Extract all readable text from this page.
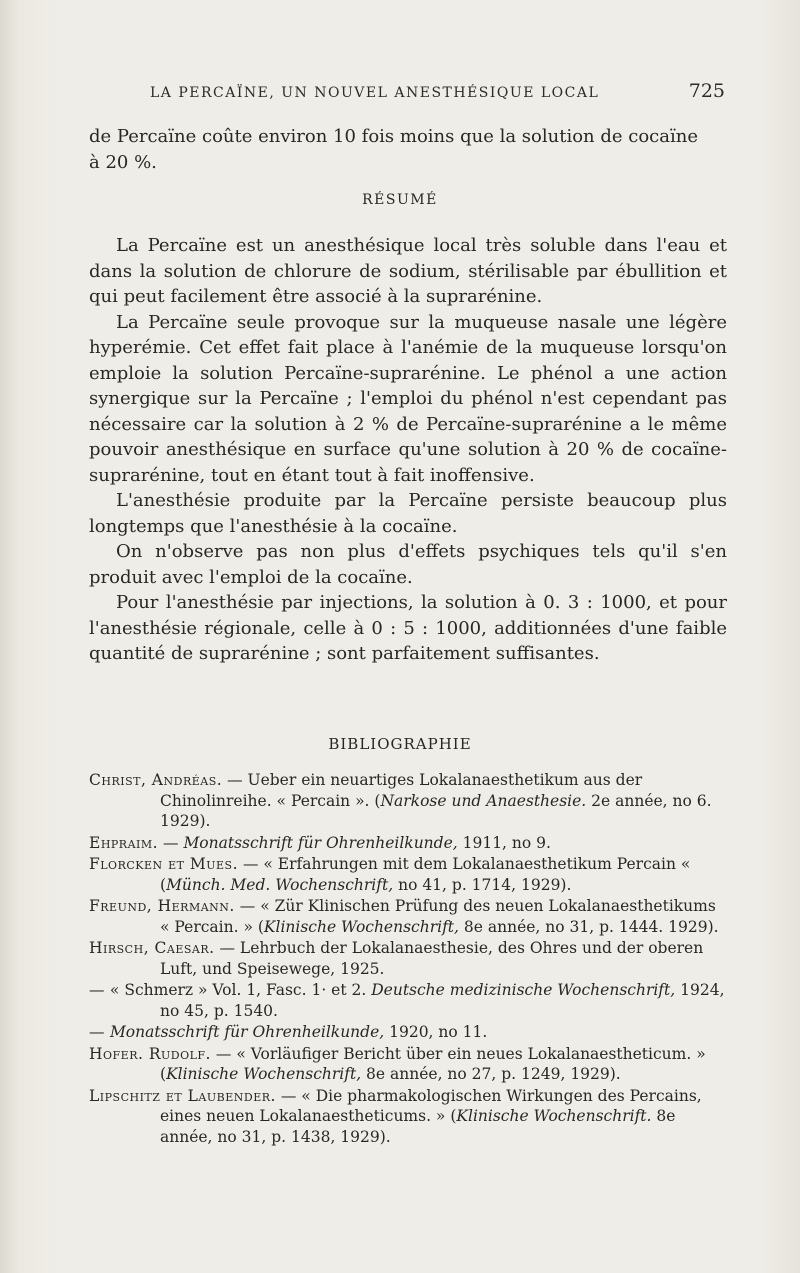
LA PERCAÏNE, UN NOUVEL ANESTHÉSIQUE LOCAL	725

de Percaïne coûte environ 10 fois moins que la solution de cocaïne

à 20 %.

RÉSUMÉ

La Percaïne est un anesthésique local très soluble dans l'eau et dans la solution de chlorure de sodium, stérilisable par ébullition et qui peut facilement être associé à la suprarénine.

La Percaïne seule provoque sur la muqueuse nasale une légère hyperémie. Cet effet fait place à l'anémie de la muqueuse lorsqu'on emploie la solution Percaïne-suprarénine. Le phénol a une action synergique sur la Percaïne ; l'emploi du phénol n'est cependant pas nécessaire car la solution à 2 % de Percaïne-suprarénine a le même pouvoir anesthésique en surface qu'une solution à 20 % de cocaïne-suprarénine, tout en étant tout à fait inoffensive.

L'anesthésie produite par la Percaïne persiste beaucoup plus longtemps que l'anesthésie à la cocaïne.

On n'observe pas non plus d'effets psychiques tels qu'il s'en produit avec l'emploi de la cocaïne.

Pour l'anesthésie par injections, la solution à 0. 3 : 1000, et pour l'anesthésie régionale, celle à 0 : 5 : 1000, additionnées d'une faible quantité de suprarénine ; sont parfaitement suffisantes.

BIBLIOGRAPHIE

Christ, Andréas. — Ueber ein neuartiges Lokalanaesthetikum aus der Chinolinreihe. « Percain ». (Narkose und Anaesthesie. 2e année, no 6. 1929).

Ehpraim. — Monatsschrift für Ohrenheilkunde, 1911, no 9.

Florcken et Mues. — « Erfahrungen mit dem Lokalanaesthetikum Percain « (Münch. Med. Wochenschrift, no 41, p. 1714, 1929).

Freund, Hermann. — « Zür Klinischen Prüfung des neuen Lokalanaesthetikums « Percain. » (Klinische Wochenschrift, 8e année, no 31, p. 1444. 1929).

Hirsch, Caesar. — Lehrbuch der Lokalanaesthesie, des Ohres und der oberen Luft, und Speisewege, 1925.

— « Schmerz » Vol. 1, Fasc. 1· et 2. Deutsche medizinische Wochenschrift, 1924, no 45, p. 1540.

— Monatsschrift für Ohrenheilkunde, 1920, no 11.

Hofer. Rudolf. — « Vorläufiger Bericht über ein neues Lokalanaestheticum. » (Klinische Wochenschrift, 8e année, no 27, p. 1249, 1929).

Lipschitz et Laubender. — « Die pharmakologischen Wirkungen des Percains, eines neuen Lokalanaestheticums. » (Klinische Wochenschrift. 8e année, no 31, p. 1438, 1929).
